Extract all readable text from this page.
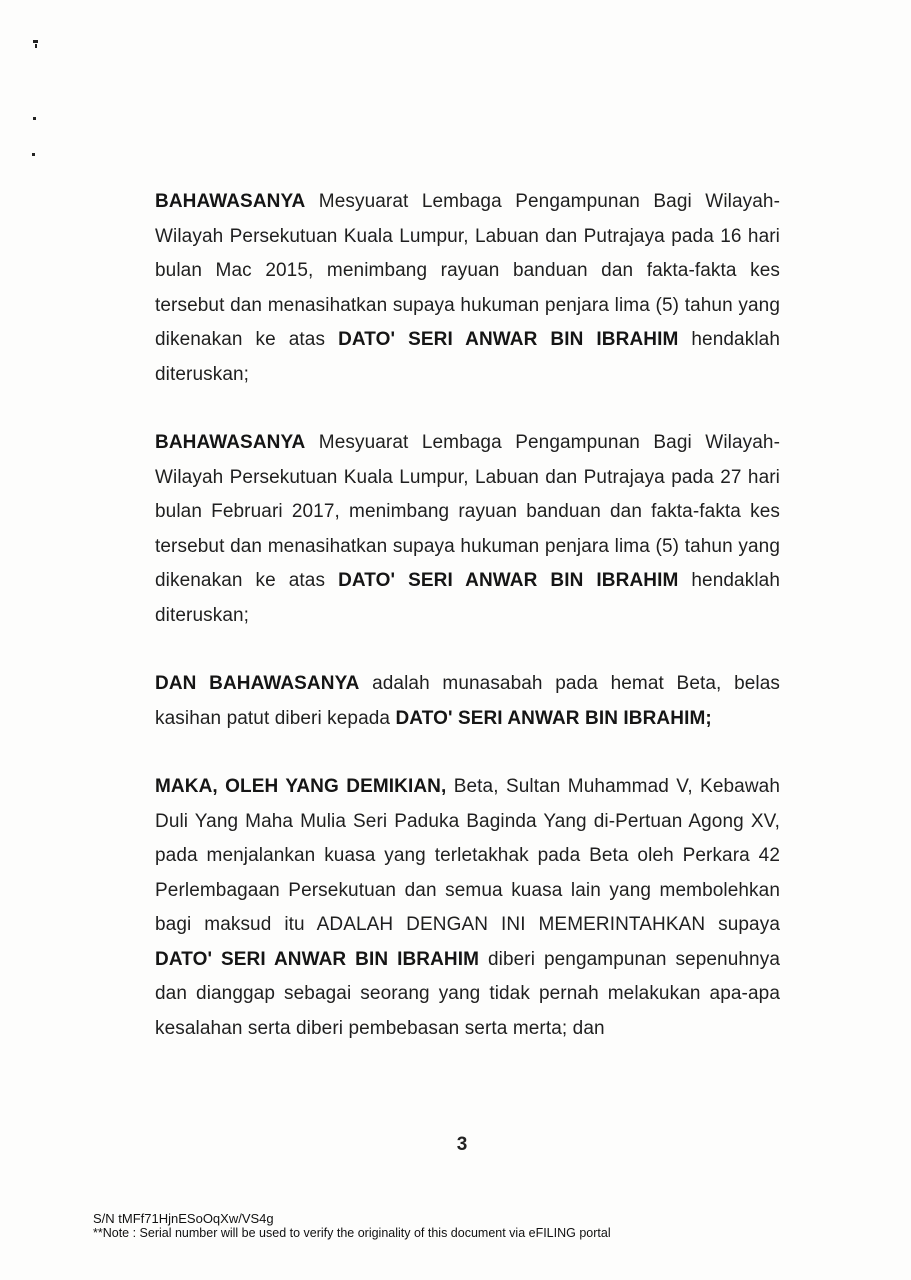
BAHAWASANYA Mesyuarat Lembaga Pengampunan Bagi Wilayah-Wilayah Persekutuan Kuala Lumpur, Labuan dan Putrajaya pada 16 hari bulan Mac 2015, menimbang rayuan banduan dan fakta-fakta kes tersebut dan menasihatkan supaya hukuman penjara lima (5) tahun yang dikenakan ke atas DATO' SERI ANWAR BIN IBRAHIM hendaklah diteruskan;

BAHAWASANYA Mesyuarat Lembaga Pengampunan Bagi Wilayah-Wilayah Persekutuan Kuala Lumpur, Labuan dan Putrajaya pada 27 hari bulan Februari 2017, menimbang rayuan banduan dan fakta-fakta kes tersebut dan menasihatkan supaya hukuman penjara lima (5) tahun yang dikenakan ke atas DATO' SERI ANWAR BIN IBRAHIM hendaklah diteruskan;

DAN BAHAWASANYA adalah munasabah pada hemat Beta, belas kasihan patut diberi kepada DATO' SERI ANWAR BIN IBRAHIM;

MAKA, OLEH YANG DEMIKIAN, Beta, Sultan Muhammad V, Kebawah Duli Yang Maha Mulia Seri Paduka Baginda Yang di-Pertuan Agong XV, pada menjalankan kuasa yang terletakhak pada Beta oleh Perkara 42 Perlembagaan Persekutuan dan semua kuasa lain yang membolehkan bagi maksud itu ADALAH DENGAN INI MEMERINTAHKAN supaya DATO' SERI ANWAR BIN IBRAHIM diberi pengampunan sepenuhnya dan dianggap sebagai seorang yang tidak pernah melakukan apa-apa kesalahan serta diberi pembebasan serta merta; dan

3
S/N tMFf71HjnESoOqXw/VS4g
**Note : Serial number will be used to verify the originality of this document via eFILING portal
